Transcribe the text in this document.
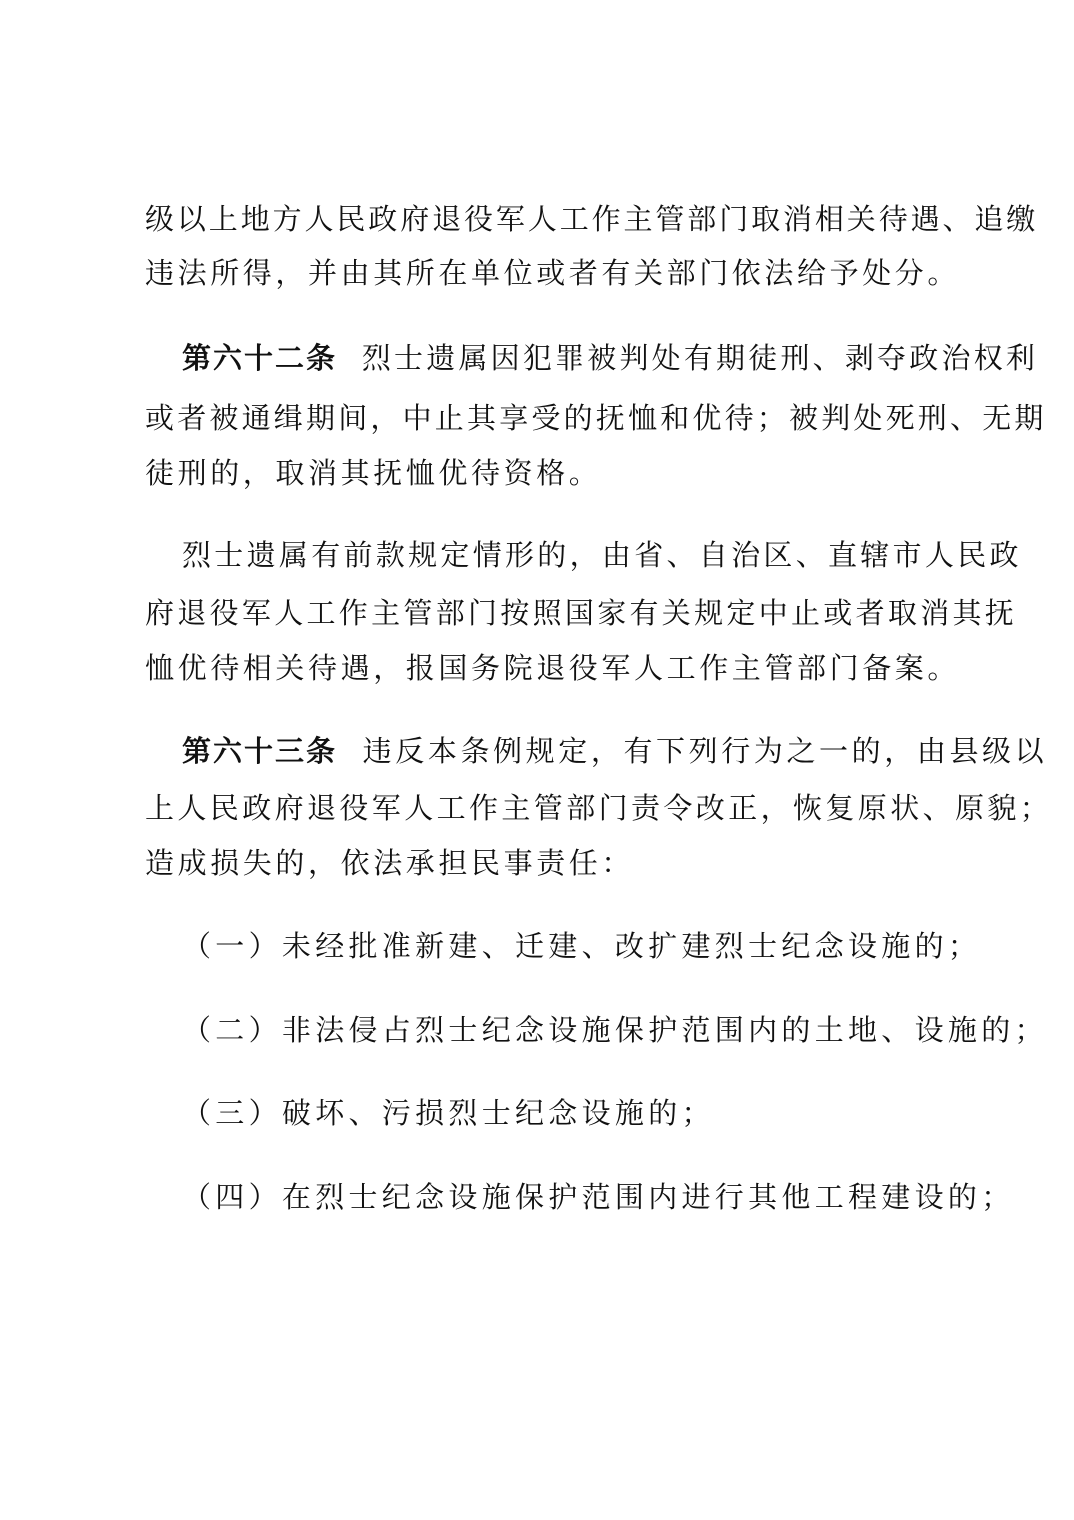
级以上地方人民政府退役军人工作主管部门取消相关待遇、追缴
违法所得，并由其所在单位或者有关部门依法给予处分。
第六十二条 烈士遗属因犯罪被判处有期徒刑、剥夺政治权利
或者被通缉期间，中止其享受的抚恤和优待；被判处死刑、无期
徒刑的，取消其抚恤优待资格。
烈士遗属有前款规定情形的，由省、自治区、直辖市人民政
府退役军人工作主管部门按照国家有关规定中止或者取消其抚
恤优待相关待遇，报国务院退役军人工作主管部门备案。
第六十三条 违反本条例规定，有下列行为之一的，由县级以
上人民政府退役军人工作主管部门责令改正，恢复原状、原貌；
造成损失的，依法承担民事责任：
（一）未经批准新建、迁建、改扩建烈士纪念设施的；
（二）非法侵占烈士纪念设施保护范围内的土地、设施的；
（三）破坏、污损烈士纪念设施的；
（四）在烈士纪念设施保护范围内进行其他工程建设的；
